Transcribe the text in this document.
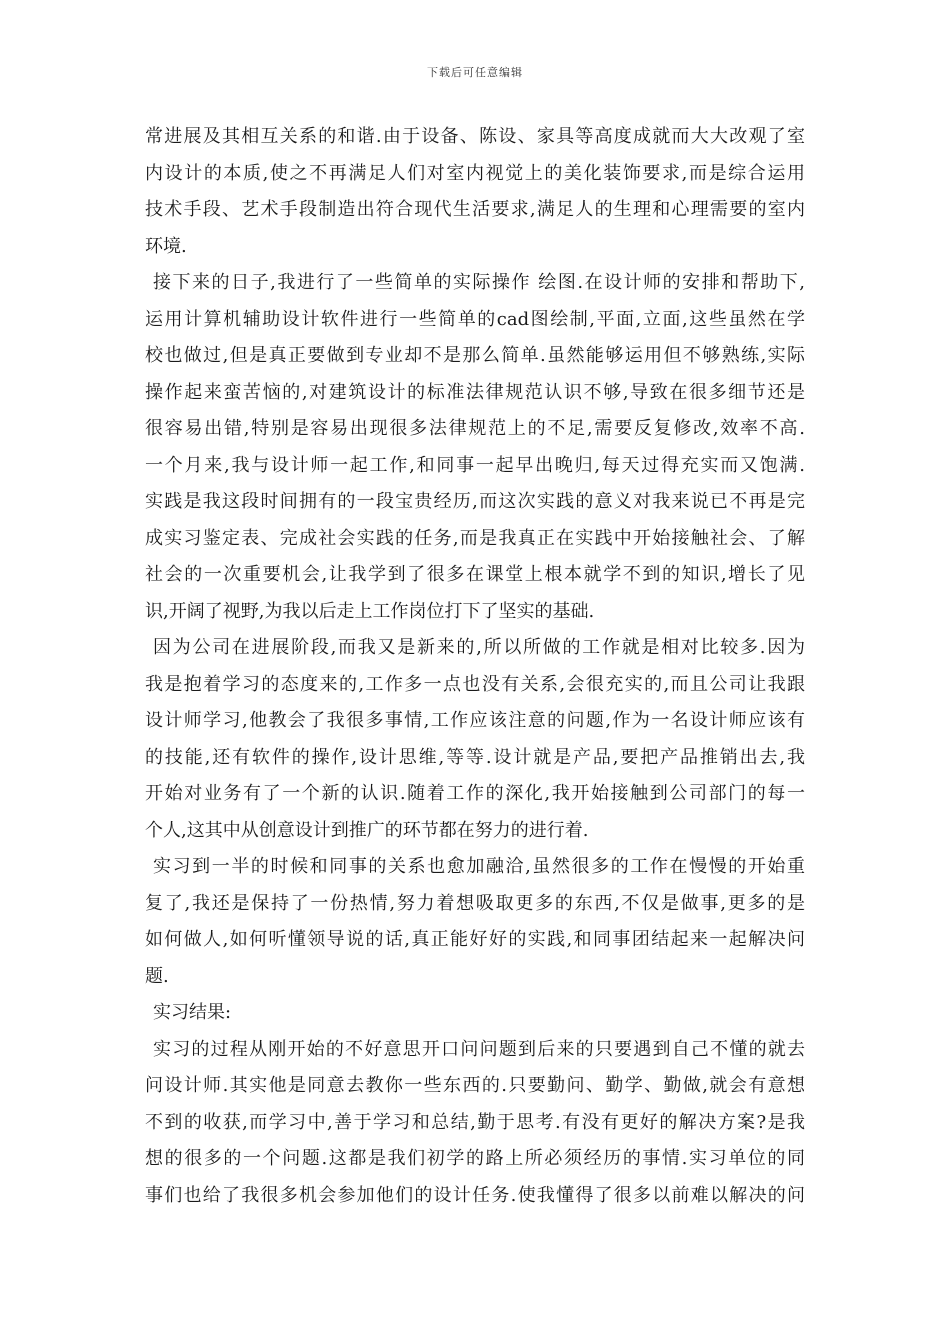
下载后可任意编辑
常进展及其相互关系的和谐.由于设备、陈设、家具等高度成就而大大改观了室
内设计的本质,使之不再满足人们对室内视觉上的美化装饰要求,而是综合运用
技术手段、艺术手段制造出符合现代生活要求,满足人的生理和心理需要的室内
环境.
接下来的日子,我进行了一些简单的实际操作 绘图.在设计师的安排和帮助下,
运用计算机辅助设计软件进行一些简单的cad图绘制,平面,立面,这些虽然在学
校也做过,但是真正要做到专业却不是那么简单.虽然能够运用但不够熟练,实际
操作起来蛮苦恼的,对建筑设计的标准法律规范认识不够,导致在很多细节还是
很容易出错,特别是容易出现很多法律规范上的不足,需要反复修改,效率不高.
一个月来,我与设计师一起工作,和同事一起早出晚归,每天过得充实而又饱满.
实践是我这段时间拥有的一段宝贵经历,而这次实践的意义对我来说已不再是完
成实习鉴定表、完成社会实践的任务,而是我真正在实践中开始接触社会、了解
社会的一次重要机会,让我学到了很多在课堂上根本就学不到的知识,增长了见
识,开阔了视野,为我以后走上工作岗位打下了坚实的基础.
因为公司在进展阶段,而我又是新来的,所以所做的工作就是相对比较多.因为
我是抱着学习的态度来的,工作多一点也没有关系,会很充实的,而且公司让我跟
设计师学习,他教会了我很多事情,工作应该注意的问题,作为一名设计师应该有
的技能,还有软件的操作,设计思维,等等.设计就是产品,要把产品推销出去,我
开始对业务有了一个新的认识.随着工作的深化,我开始接触到公司部门的每一
个人,这其中从创意设计到推广的环节都在努力的进行着.
实习到一半的时候和同事的关系也愈加融洽,虽然很多的工作在慢慢的开始重
复了,我还是保持了一份热情,努力着想吸取更多的东西,不仅是做事,更多的是
如何做人,如何听懂领导说的话,真正能好好的实践,和同事团结起来一起解决问
题.
实习结果:
实习的过程从刚开始的不好意思开口问问题到后来的只要遇到自己不懂的就去
问设计师.其实他是同意去教你一些东西的.只要勤问、勤学、勤做,就会有意想
不到的收获,而学习中,善于学习和总结,勤于思考.有没有更好的解决方案?是我
想的很多的一个问题.这都是我们初学的路上所必须经历的事情.实习单位的同
事们也给了我很多机会参加他们的设计任务.使我懂得了很多以前难以解决的问
